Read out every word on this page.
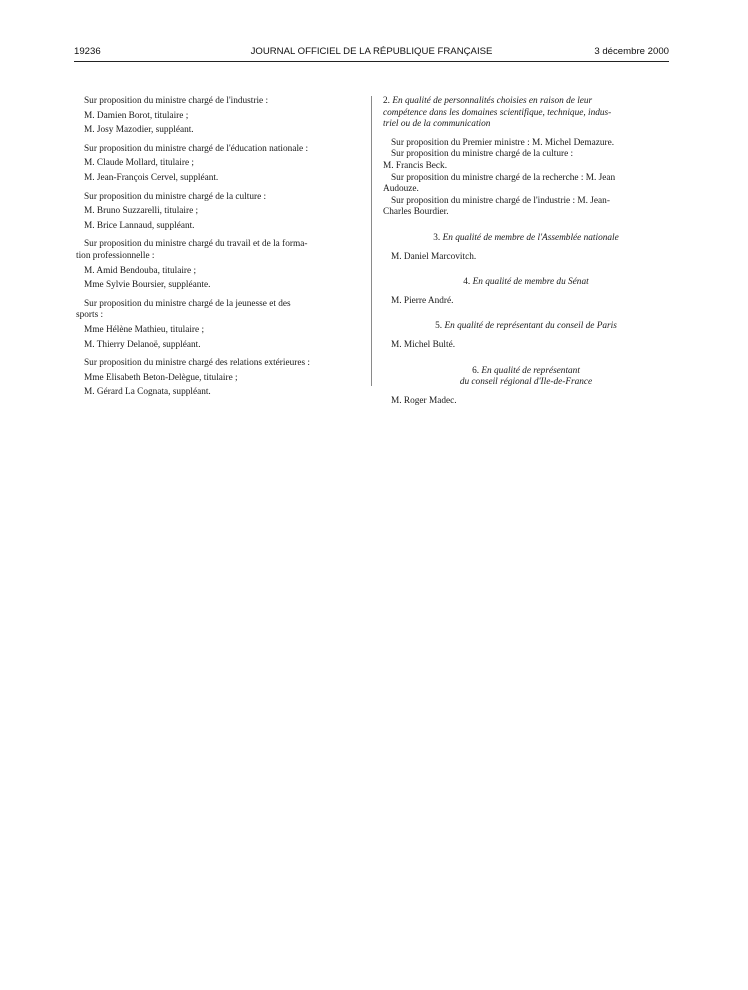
19236	JOURNAL OFFICIEL DE LA RÉPUBLIQUE FRANÇAISE	3 décembre 2000

Sur proposition du ministre chargé de l'industrie :

M. Damien Borot, titulaire ;

M. Josy Mazodier, suppléant.

Sur proposition du ministre chargé de l'éducation nationale :

M. Claude Mollard, titulaire ;

M. Jean-François Cervel, suppléant.

Sur proposition du ministre chargé de la culture :

M. Bruno Suzzarelli, titulaire ;

M. Brice Lannaud, suppléant.

Sur proposition du ministre chargé du travail et de la forma-

tion professionnelle :

M. Amid Bendouba, titulaire ;

Mme Sylvie Boursier, suppléante.

Sur proposition du ministre chargé de la jeunesse et des

sports :

Mme Hélène Mathieu, titulaire ;

M. Thierry Delanoë, suppléant.

Sur proposition du ministre chargé des relations extérieures :

Mme Elisabeth Beton-Delègue, titulaire ;

M. Gérard La Cognata, suppléant.

2. En qualité de personnalités choisies en raison de leur

compétence dans les domaines scientifique, technique, indus-

triel ou de la communication

Sur proposition du Premier ministre : M. Michel Demazure.

Sur proposition du ministre chargé de la culture :

M. Francis Beck.

Sur proposition du ministre chargé de la recherche : M. Jean

Audouze.

Sur proposition du ministre chargé de l'industrie : M. Jean-

Charles Bourdier.

3. En qualité de membre de l'Assemblée nationale

M. Daniel Marcovitch.

4. En qualité de membre du Sénat

M. Pierre André.

5. En qualité de représentant du conseil de Paris

M. Michel Bulté.

6. En qualité de représentant

du conseil régional d'Ile-de-France

M. Roger Madec.
